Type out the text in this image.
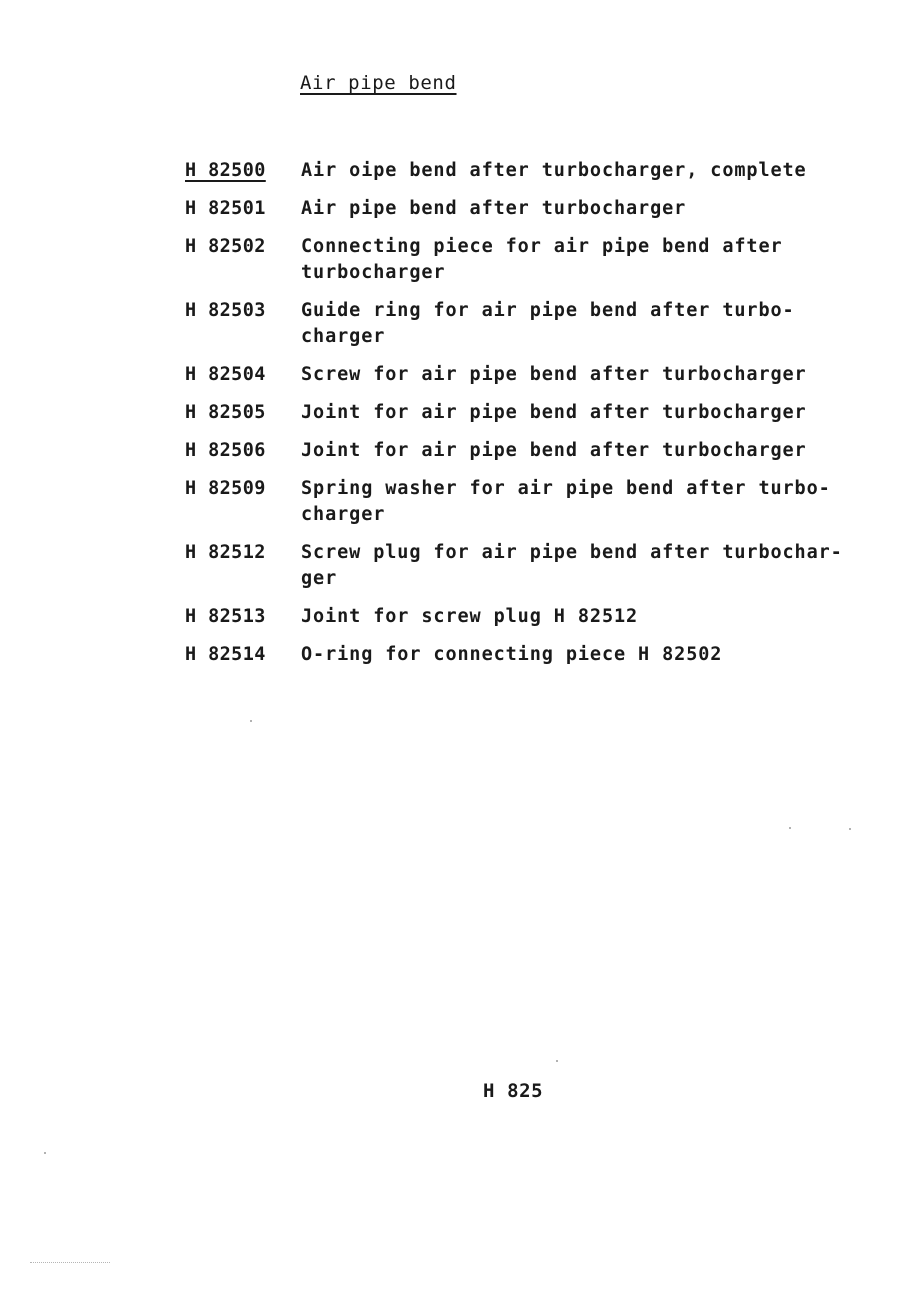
Air pipe bend
H 82500	Air oipe bend after turbocharger, complete
H 82501	Air pipe bend after turbocharger
H 82502	Connecting piece for air pipe bend after
turbocharger
H 82503	Guide ring for air pipe bend after turbo-
charger
H 82504	Screw for air pipe bend after turbocharger
H 82505	Joint for air pipe bend after turbocharger
H 82506	Joint for air pipe bend after turbocharger
H 82509	Spring washer for air pipe bend after turbo-
charger
H 82512	Screw plug for air pipe bend after turbochar-
ger
H 82513	Joint for screw plug H 82512
H 82514	O-ring for connecting piece H 82502
H 825
